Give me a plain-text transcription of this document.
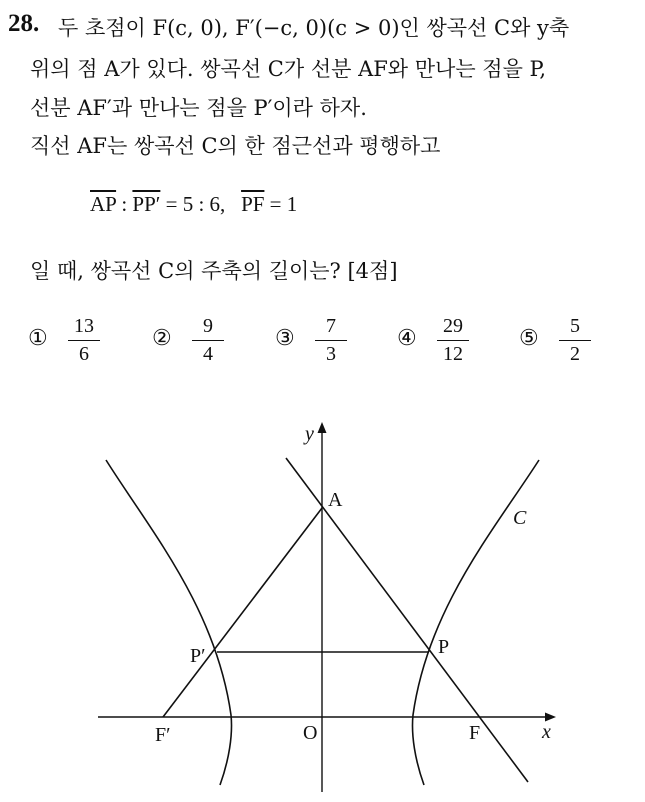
28. 두 초점이 F(c, 0), F′(−c, 0)(c > 0)인 쌍곡선 C와 y축
위의 점 A가 있다. 쌍곡선 C가 선분 AF와 만나는 점을 P,
선분 AF′과 만나는 점을 P′이라 하자.
직선 AF는 쌍곡선 C의 한 점근선과 평행하고
$\overline{AP}$ : PP′ = 5 : 6, $\overline{PF} = 1$
일 때, 쌍곡선 C의 주축의 길이는? [4점]
①	13
6
②	9
4
③	7
3
④	29
12
⑤	5
2
y
x
O
A
P
P′
F
F′
C
